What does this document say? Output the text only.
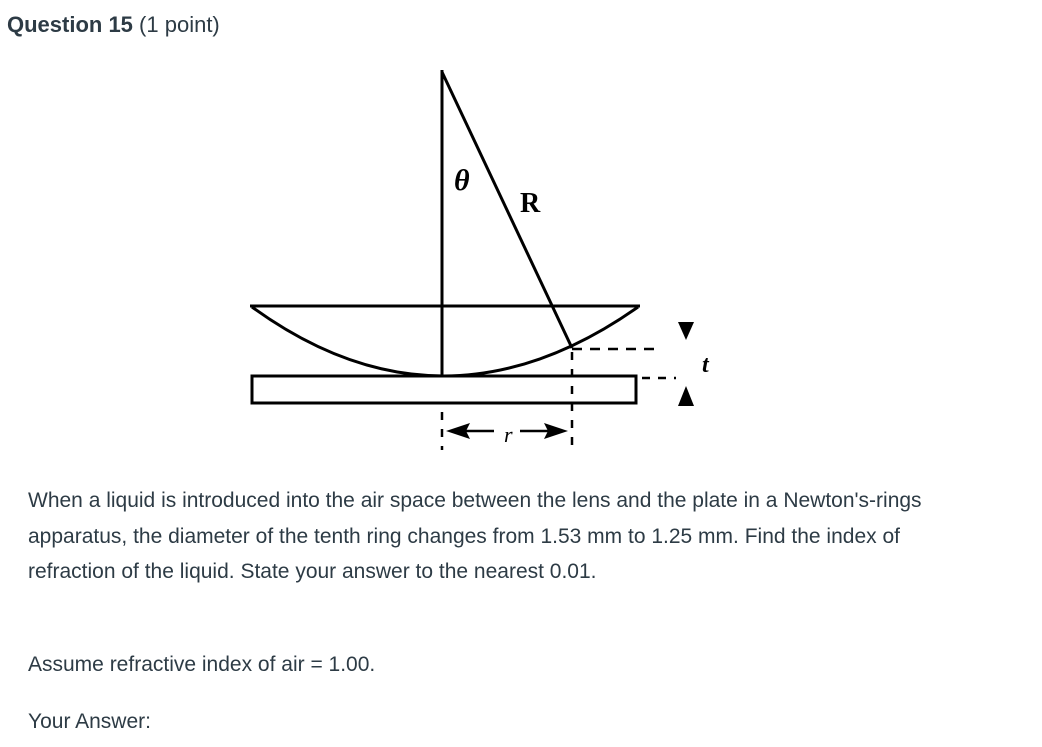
Question 15 (1 point)
θ
R
r
t

When a liquid is introduced into the air space between the lens and the plate in a Newton's-rings apparatus, the diameter of the tenth ring changes from 1.53 mm to 1.25 mm. Find the index of refraction of the liquid. State your answer to the nearest 0.01.

Assume refractive index of air = 1.00.
Your Answer:
